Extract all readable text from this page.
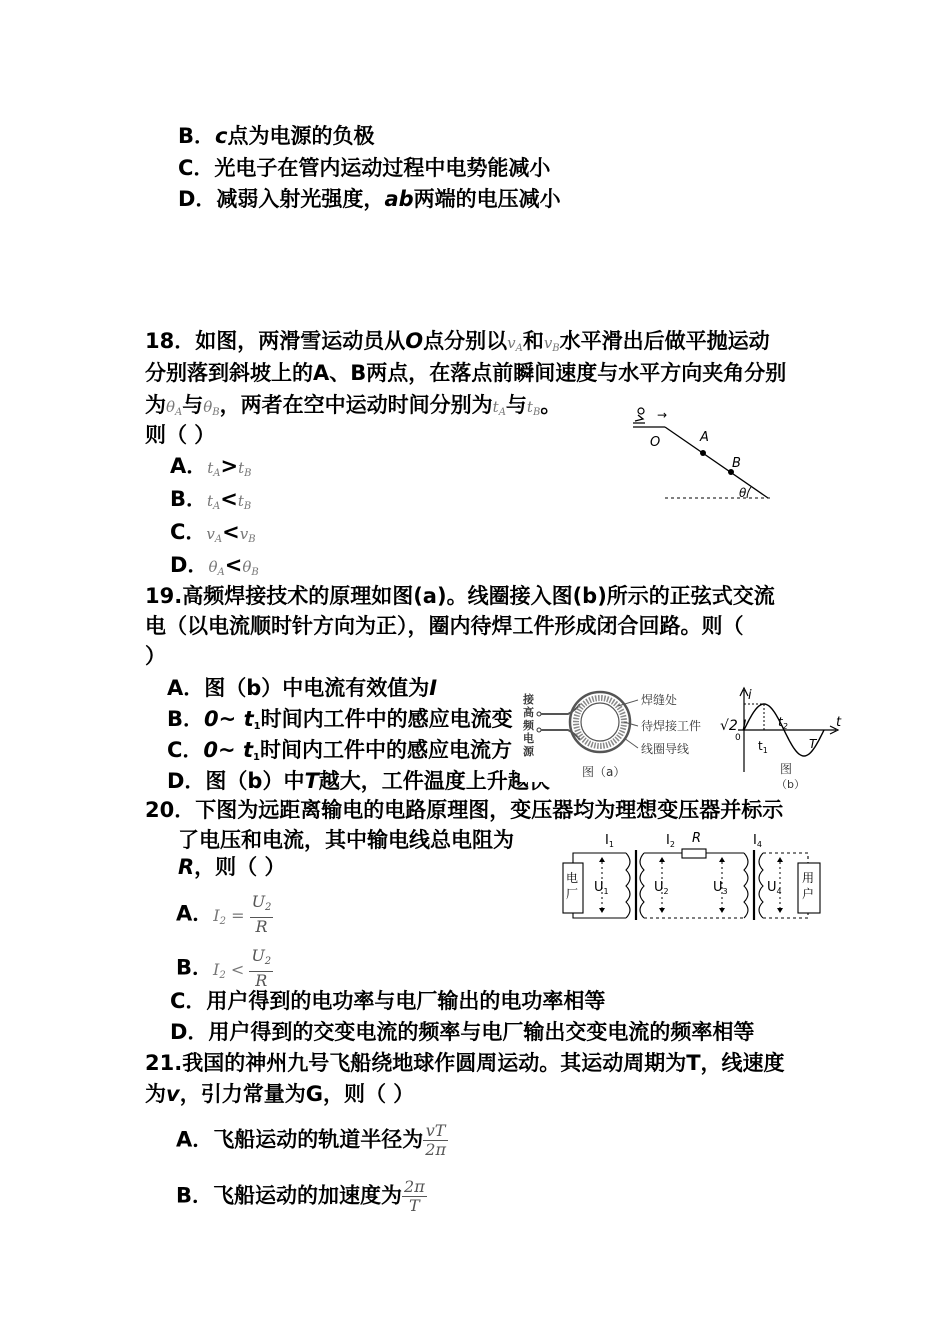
B．c点为电源的负极
C．光电子在管内运动过程中电势能减小
D．减弱入射光强度，ab两端的电压减小
18．如图，两滑雪运动员从O点分别以$v_A$和$v_B$水平滑出后做平抛运动
分别落到斜坡上的A、B两点，在落点前瞬间速度与水平方向夹角分别
为$\theta_A$与$\theta_B$，两者在空中运动时间分别为$t_A$与$t_B$。
则（ ）
A．$t_A>t_B$
B．$t_A<t_B$
C．$v_A<v_B$
D．$\theta_A<\theta_B$
→
O	A
B
θ
19.高频焊接技术的原理如图(a)。线圈接入图(b)所示的正弦式交流
电（以电流顺时针方向为正），圈内待焊工件形成闭合回路。则（
）
A．图（b）中电流有效值为I
B．0~ $t_1$时间内工件中的感应电流变
C．0~ $t_1$时间内工件中的感应电流方
D．图（b）中T越大，工件温度上升越快
接
高
频
电
源
焊缝处
待焊接工件
线圈导线
图（a）
i
t
√2 I
0
$t_1$
$t_2$
T
图
（b）
20．下图为远距离输电的电路原理图，变压器均为理想变压器并标示
了电压和电流，其中输电线总电阻为
R，则（ ）
A．$I_2 = \frac{U_2}{R}$
B．$I_2 < \frac{U_2}{R}$
C．用户得到的电功率与电厂输出的电功率相等
D．用户得到的交变电流的频率与电厂输出交变电流的频率相等
$I_1$	$I_2$ R	$I_4$
$U_1$	$U_2$	$U_3$	$U_4$
电
厂
用
户
21.我国的神州九号飞船绕地球作圆周运动。其运动周期为T，线速度
为v，引力常量为G，则（ ）
A．飞船运动的轨道半径为 $\frac{vT}{2\pi}$
B．飞船运动的加速度为 $\frac{2\pi}{T}$
